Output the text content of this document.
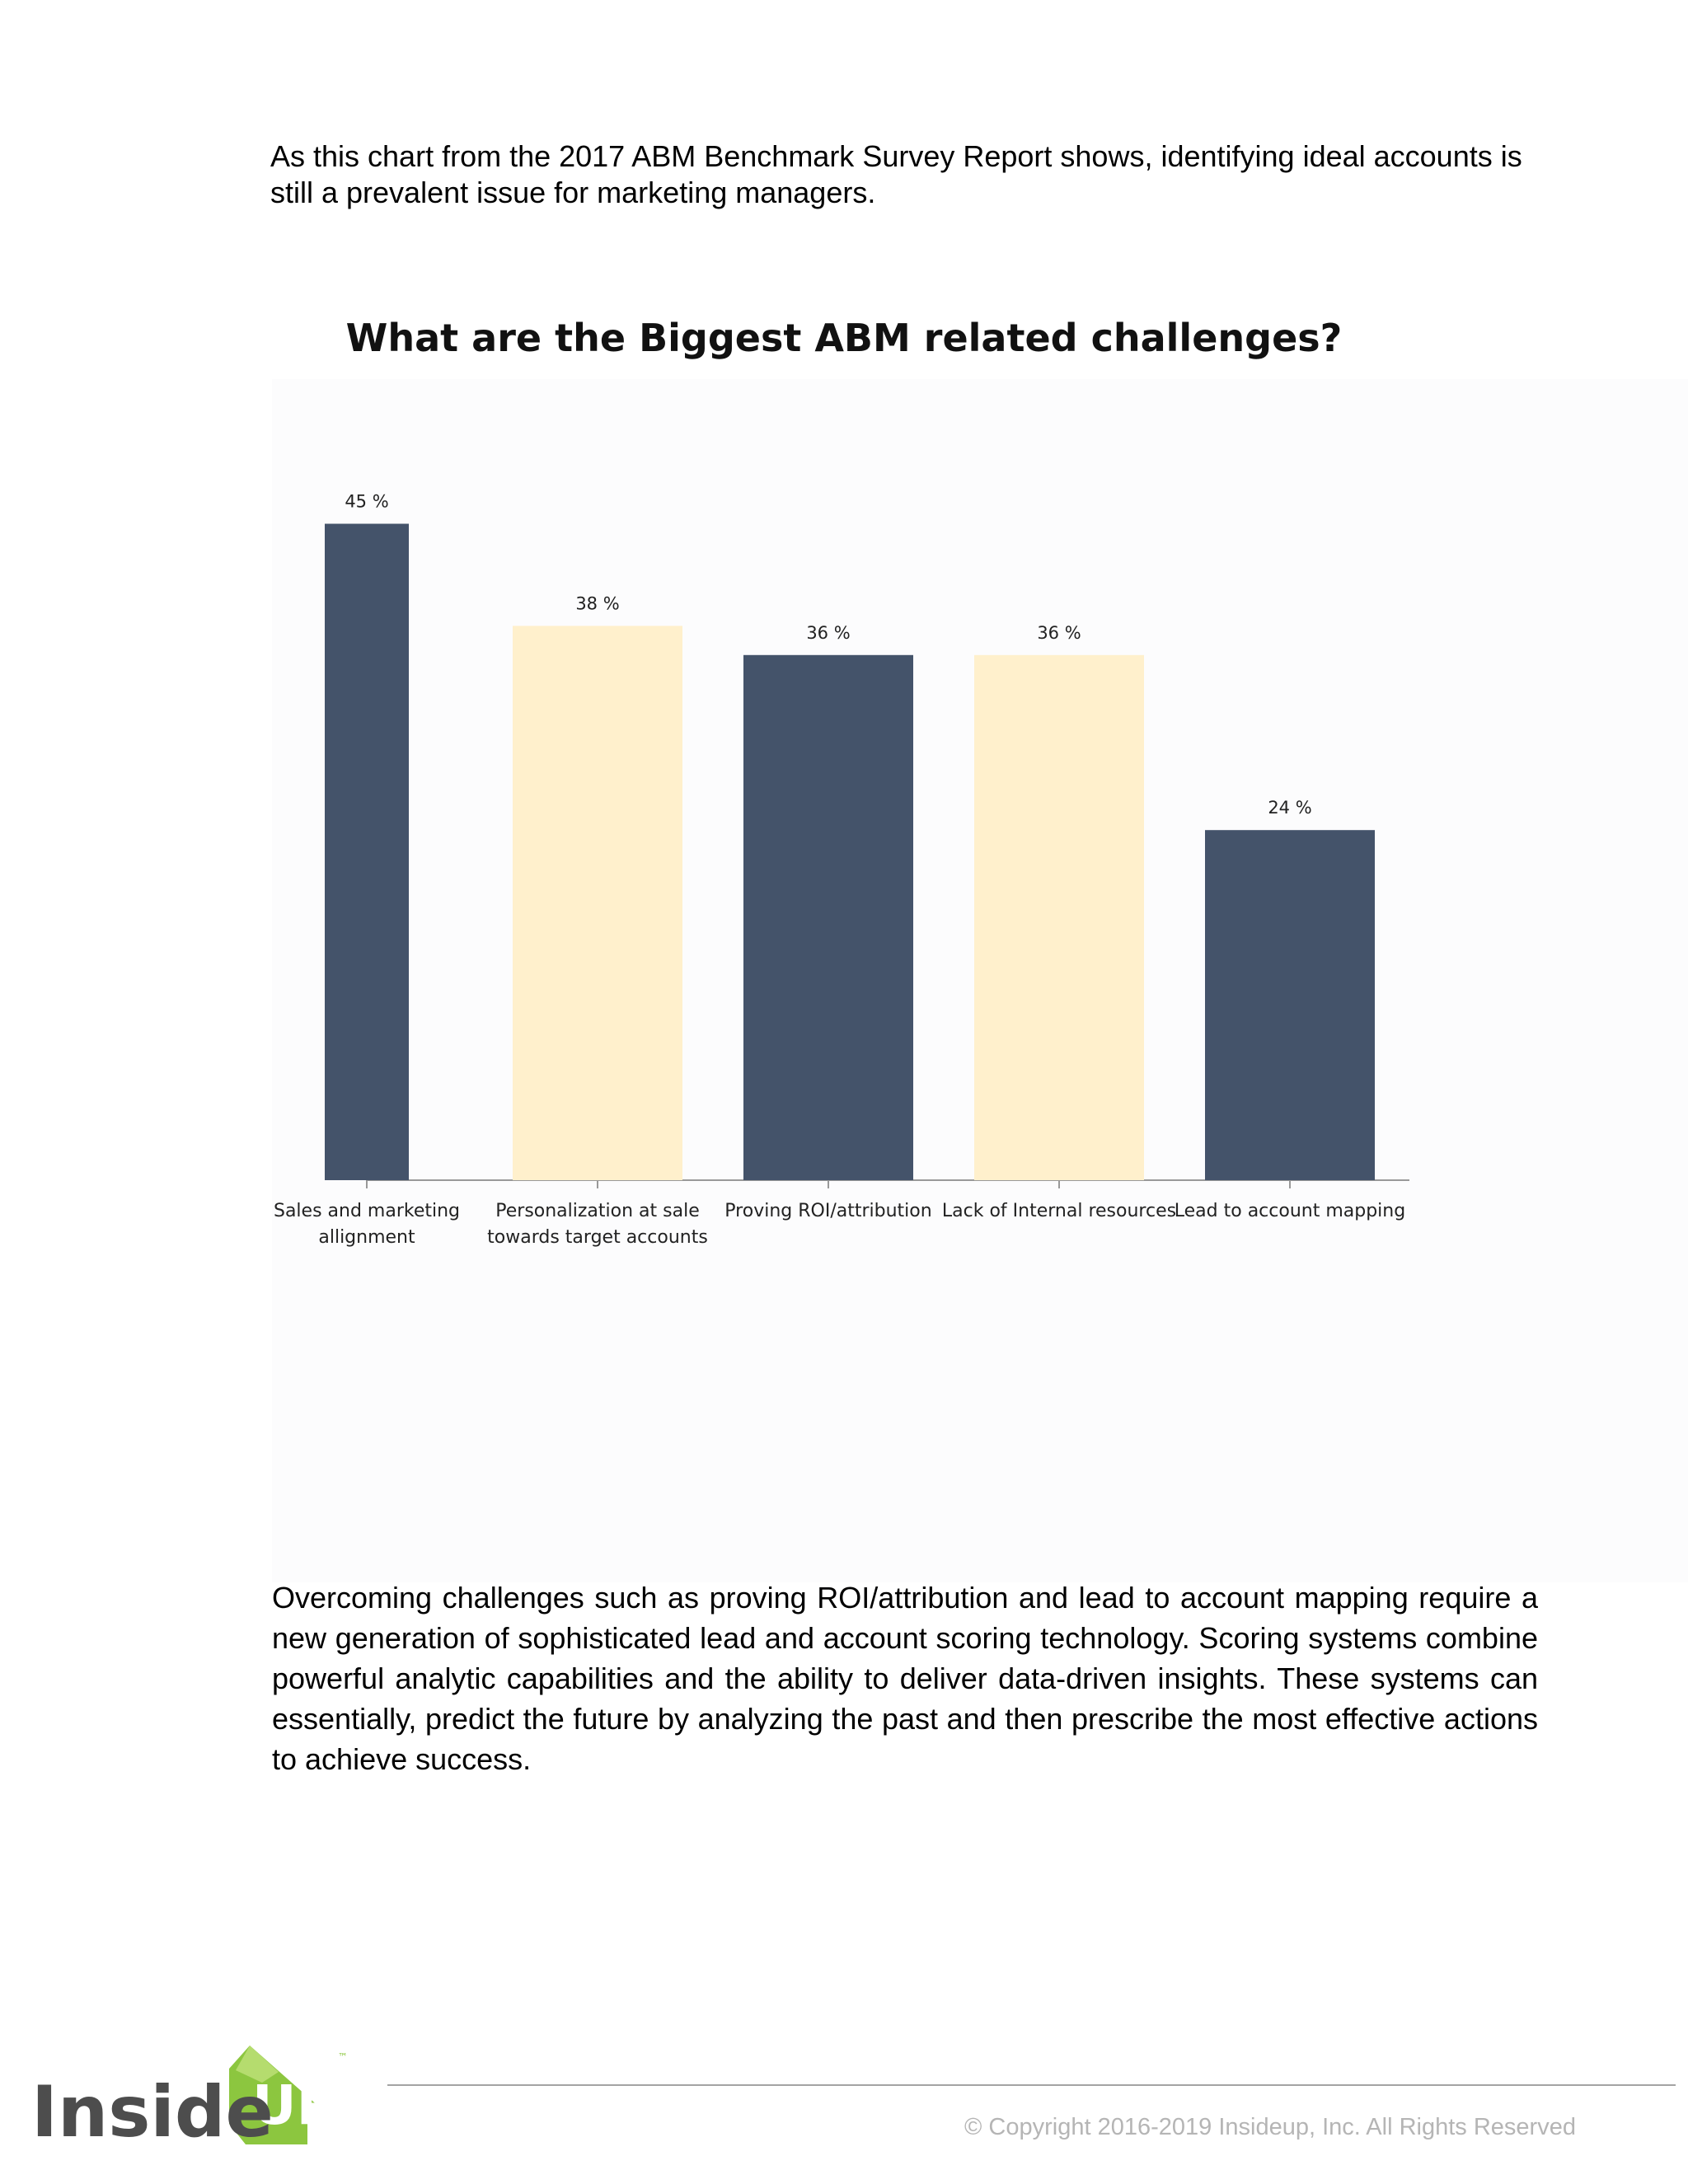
As this chart from the 2017 ABM Benchmark Survey Report shows, identifying ideal accounts is still a prevalent issue for marketing managers.

What are the Biggest ABM related challenges?
45 %
Sales and marketing
allignment
38 %
Personalization at sale
towards target accounts
36 %
Proving ROI/attribution
36 %
Lack of Internal resources
24 %
Lead to account mapping

Overcoming challenges such as proving ROI/attribution and lead to account mapping require a new generation of sophisticated lead and account scoring technology. Scoring systems combine powerful analytic capabilities and the ability to deliver data-driven insights. These systems can essentially, predict the future by analyzing the past and then prescribe the most effective actions to achieve success.

© Copyright 2016-2019 Insideup, Inc. All Rights Reserved
UP
™
Inside
